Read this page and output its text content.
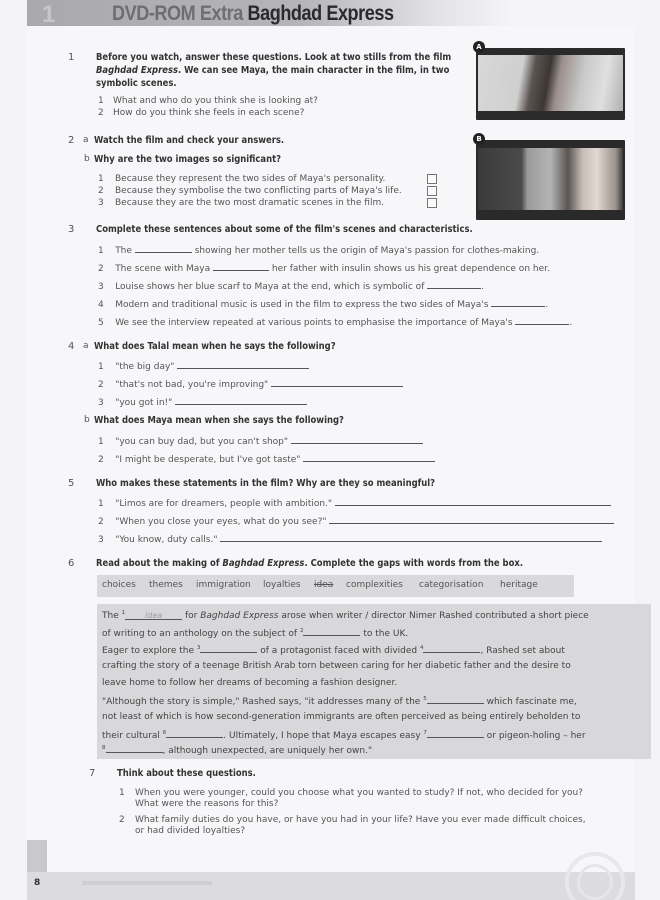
1	DVD-ROM Extra Baghdad Express
A
B
1 Before you watch, answer these questions. Look at two stills from the film
Baghdad Express. We can see Maya, the main character in the film, in two
symbolic scenes.
1 What and who do you think she is looking at?
2 How do you think she feels in each scene?
2 a Watch the film and check your answers.
b Why are the two images so significant?
1 Because they represent the two sides of Maya's personality.
2 Because they symbolise the two conflicting parts of Maya's life.
3 Because they are the two most dramatic scenes in the film.
3 Complete these sentences about some of the film's scenes and characteristics.
1 The	showing her mother tells us the origin of Maya's passion for clothes-making.
2 The scene with Maya	her father with insulin shows us his great dependence on her.
3 Louise shows her blue scarf to Maya at the end, which is symbolic of	.
4 Modern and traditional music is used in the film to express the two sides of Maya's	.
5 We see the interview repeated at various points to emphasise the importance of Maya's	.
4 a What does Talal mean when he says the following?
1 "the big day"
2 "that's not bad, you're improving"
3 "you got in!"
b What does Maya mean when she says the following?
1 "you can buy dad, but you can't shop"
2 "I might be desperate, but I've got taste"
5 Who makes these statements in the film? Why are they so meaningful?
1 "Limos are for dreamers, people with ambition."
2 "When you close your eyes, what do you see?"
3 "You know, duty calls."
6 Read about the making of Baghdad Express. Complete the gaps with words from the box.
choices themes immigration loyalties idea complexities categorisation heritage
The $^1$ idea for Baghdad Express arose when writer / director Nimer Rashed contributed a short piece
of writing to an anthology on the subject of $^2$	to the UK.
Eager to explore the $^3$	of a protagonist faced with divided $^4$	, Rashed set about
crafting the story of a teenage British Arab torn between caring for her diabetic father and the desire to
leave home to follow her dreams of becoming a fashion designer.
"Although the story is simple," Rashed says, "it addresses many of the $^5$	which fascinate me,
not least of which is how second-generation immigrants are often perceived as being entirely beholden to
their cultural $^6$	. Ultimately, I hope that Maya escapes easy $^7$	or pigeon-holing – her
$^8$	, although unexpected, are uniquely her own."
7 Think about these questions.
1 When you were younger, could you choose what you wanted to study? If not, who decided for you?
What were the reasons for this?
2 What family duties do you have, or have you had in your life? Have you ever made difficult choices,
or had divided loyalties?
8
